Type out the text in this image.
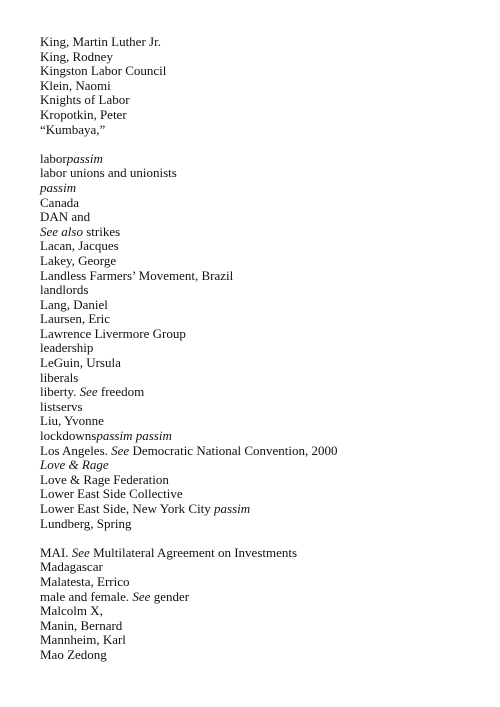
King, Martin Luther Jr.
King, Rodney
Kingston Labor Council
Klein, Naomi
Knights of Labor
Kropotkin, Peter
“Kumbaya,”
laborpassim
labor unions and unionists
passim
Canada
DAN and
See also strikes
Lacan, Jacques
Lakey, George
Landless Farmers’ Movement, Brazil
landlords
Lang, Daniel
Laursen, Eric
Lawrence Livermore Group
leadership
LeGuin, Ursula
liberals
liberty. See freedom
listservs
Liu, Yvonne
lockdownspassim passim
Los Angeles. See Democratic National Convention, 2000
Love & Rage
Love & Rage Federation
Lower East Side Collective
Lower East Side, New York City passim
Lundberg, Spring
MAI. See Multilateral Agreement on Investments
Madagascar
Malatesta, Errico
male and female. See gender
Malcolm X,
Manin, Bernard
Mannheim, Karl
Mao Zedong
